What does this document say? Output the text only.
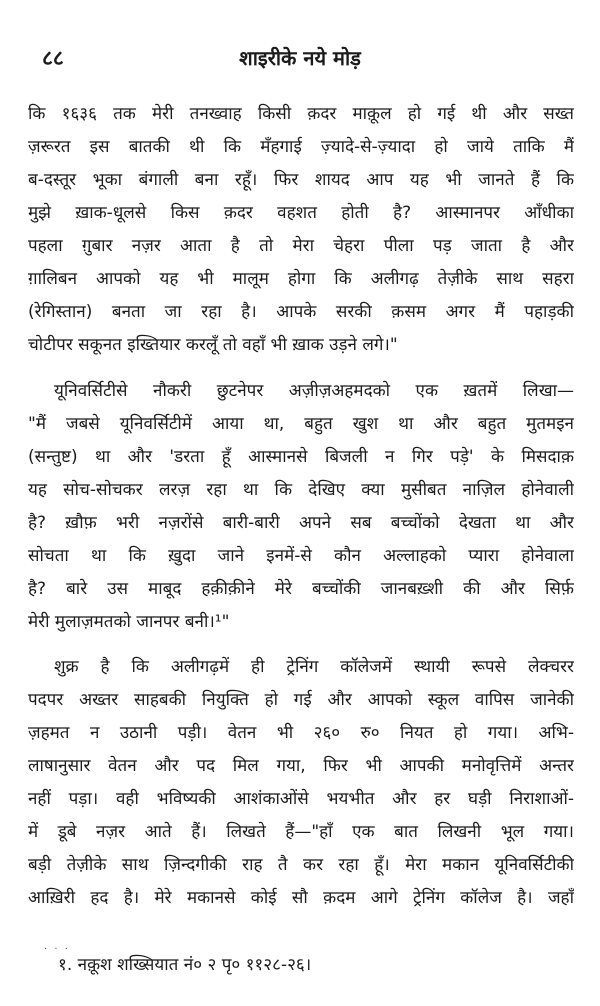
८८	शाइरीके नये मोड़
कि १६३६ तक मेरी तनख्वाह किसी क़दर माक़ूल हो गई थी और सख्त
ज़रूरत इस बातकी थी कि मँहगाई ज़्यादे-से-ज़्यादा हो जाये ताकि मैं
ब-दस्तूर भूका बंगाली बना रहूँ। फिर शायद आप यह भी जानते हैं कि
मुझे ख़ाक-धूलसे किस क़दर वहशत होती है? आस्मानपर आँधीका
पहला ग़ुबार नज़र आता है तो मेरा चेहरा पीला पड़ जाता है और
ग़ालिबन आपको यह भी मालूम होगा कि अलीगढ़ तेज़ीके साथ सहरा
(रेगिस्तान) बनता जा रहा है। आपके सरकी क़सम अगर मैं पहाड़की
चोटीपर सकूनत इख्तियार करलूँ तो वहाँ भी ख़ाक उड़ने लगे।"
यूनिवर्सिटीसे नौकरी छुटनेपर अज़ीज़अहमदको एक ख़तमें लिखा—
"मैं जबसे यूनिवर्सिटीमें आया था, बहुत खुश था और बहुत मुतमइन
(सन्तुष्ट) था और 'डरता हूँ आस्मानसे बिजली न गिर पड़े' के मिसदाक़
यह सोच-सोचकर लरज़ रहा था कि देखिए क्या मुसीबत नाज़िल होनेवाली
है? ख़ौफ़ भरी नज़रोंसे बारी-बारी अपने सब बच्चोंको देखता था और
सोचता था कि ख़ुदा जाने इनमें-से कौन अल्लाहको प्यारा होनेवाला
है? बारे उस माबूद हक़ीक़ीने मेरे बच्चोंकी जानबख़्शी की और सिर्फ़
मेरी मुलाज़मतको जानपर बनी।¹"
शुक्र है कि अलीगढ़में ही ट्रेनिंग कॉलेजमें स्थायी रूपसे लेक्चरर
पदपर अख्तर साहबकी नियुक्ति हो गई और आपको स्कूल वापिस जानेकी
ज़हमत न उठानी पड़ी। वेतन भी २६० रु० नियत हो गया। अभि-
लाषानुसार वेतन और पद मिल गया, फिर भी आपकी मनोवृत्तिमें अन्तर
नहीं पड़ा। वही भविष्यकी आशंकाओंसे भयभीत और हर घड़ी निराशाओं-
में डूबे नज़र आते हैं। लिखते हैं—"हाँ एक बात लिखनी भूल गया।
बड़ी तेज़ीके साथ ज़िन्दगीकी राह तै कर रहा हूँ। मेरा मकान यूनिवर्सिटीकी
आख़िरी हद है। मेरे मकानसे कोई सौ क़दम आगे ट्रेनिंग कॉलेज है। जहाँ
· · ·
१. नक़ूश शख्सियात नं० २ पृ० ११२८-२६।
